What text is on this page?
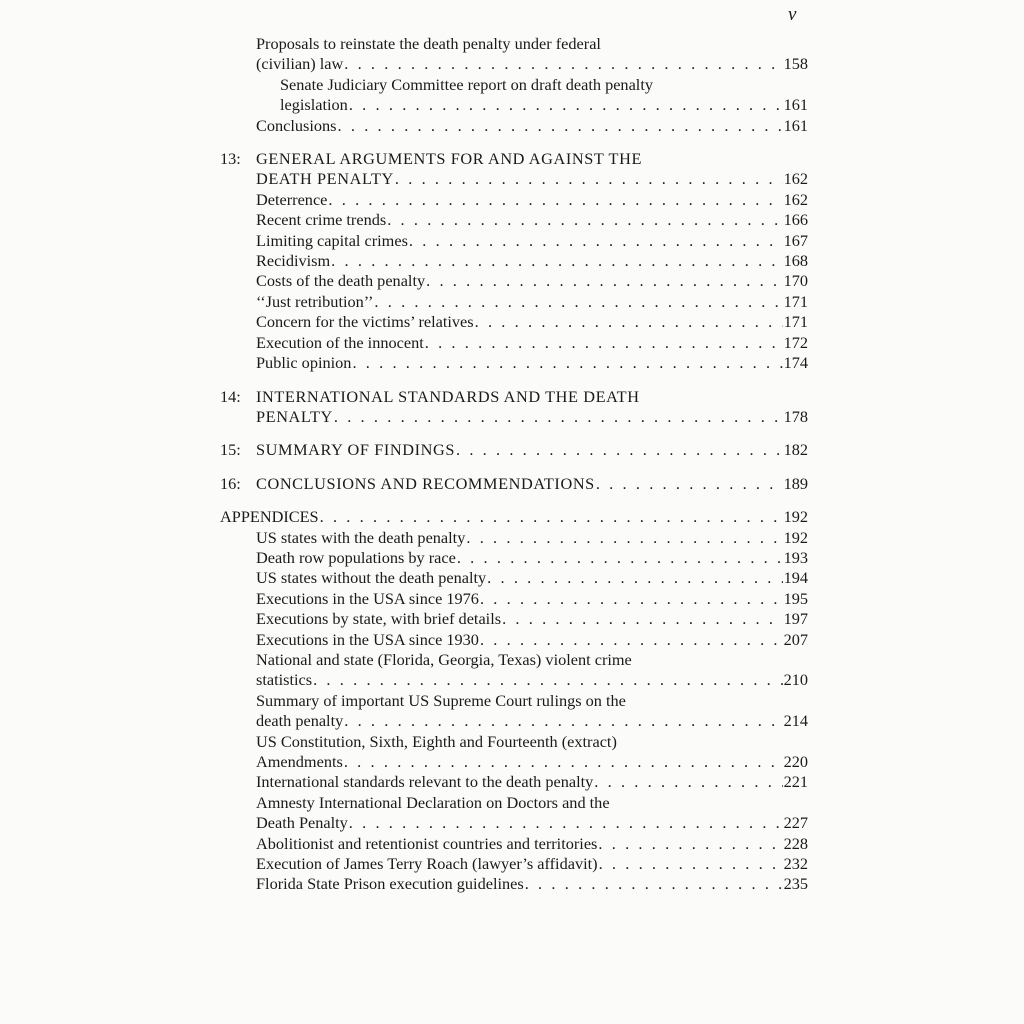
v
Proposals to reinstate the death penalty under federal
(civilian) law . . .	158
Senate Judiciary Committee report on draft death penalty
legislation . . .	161
Conclusions . . .	161
13: GENERAL ARGUMENTS FOR AND AGAINST THE
DEATH PENALTY . . .	162
Deterrence . . .	162
Recent crime trends . . .	166
Limiting capital crimes . . .	167
Recidivism . . .	168
Costs of the death penalty . . .	170
‘‘Just retribution’’ . . .	171
Concern for the victims’ relatives . . .	171
Execution of the innocent . . .	172
Public opinion . . .	174
14: INTERNATIONAL STANDARDS AND THE DEATH
PENALTY . . .	178
15: SUMMARY OF FINDINGS . . .	182
16: CONCLUSIONS AND RECOMMENDATIONS . . .	189
APPENDICES . . .	192
US states with the death penalty . . .	192
Death row populations by race . . .	193
US states without the death penalty . . .	194
Executions in the USA since 1976 . . .	195
Executions by state, with brief details . . .	197
Executions in the USA since 1930 . . .	207
National and state (Florida, Georgia, Texas) violent crime
statistics . . .	210
Summary of important US Supreme Court rulings on the
death penalty . . .	214
US Constitution, Sixth, Eighth and Fourteenth (extract)
Amendments . . .	220
International standards relevant to the death penalty . . .	221
Amnesty International Declaration on Doctors and the
Death Penalty . . .	227
Abolitionist and retentionist countries and territories . . .	228
Execution of James Terry Roach (lawyer’s affidavit) . . .	232
Florida State Prison execution guidelines . . .	235
